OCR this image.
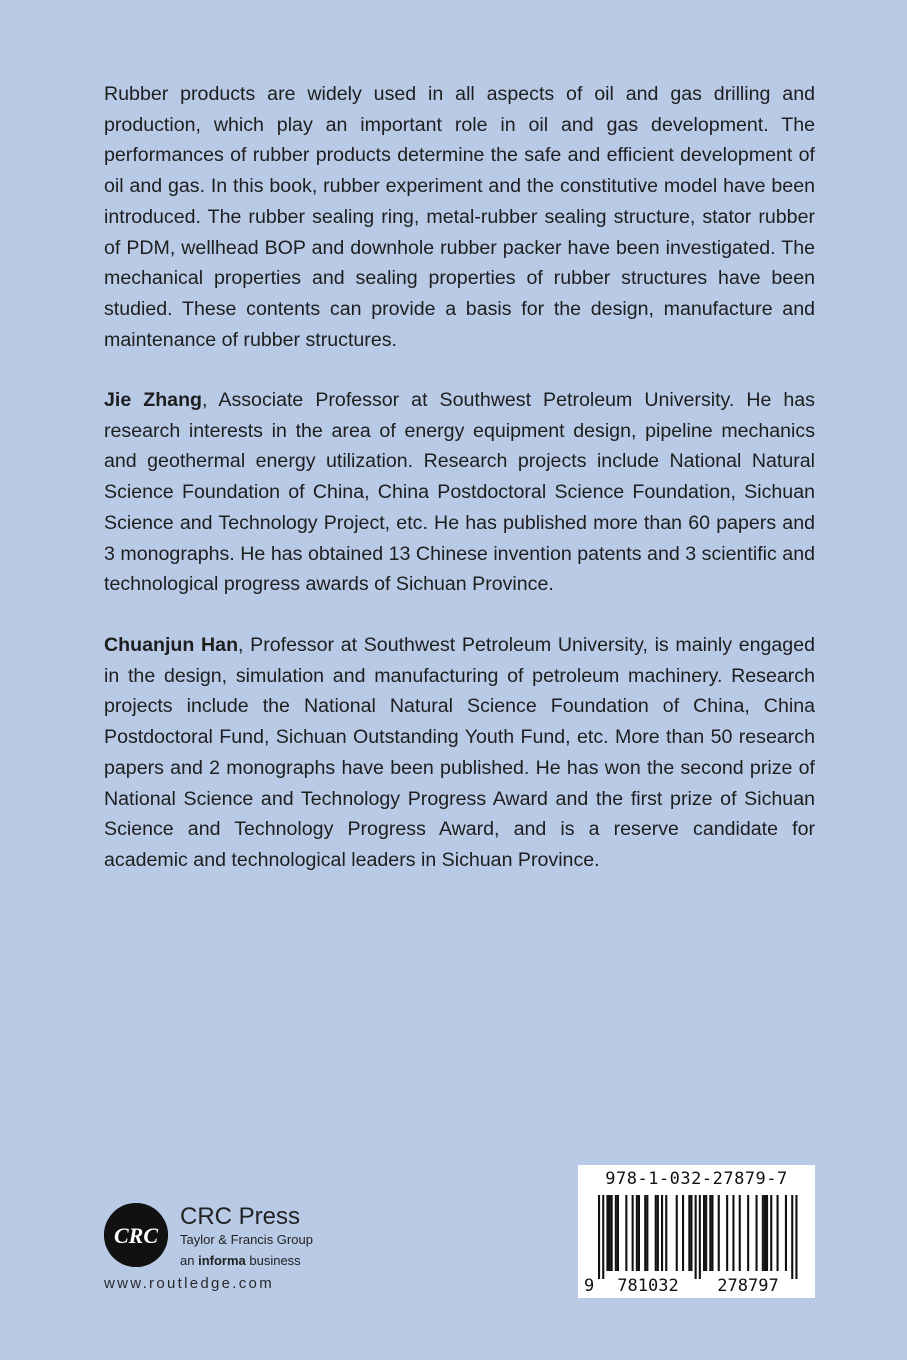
Rubber products are widely used in all aspects of oil and gas drilling and production, which play an important role in oil and gas development. The performances of rubber products determine the safe and efficient development of oil and gas. In this book, rubber experiment and the constitutive model have been introduced. The rubber sealing ring, metal-rubber sealing structure, stator rubber of PDM, wellhead BOP and downhole rubber packer have been investigated. The mechanical properties and sealing properties of rubber structures have been studied. These contents can provide a basis for the design, manufacture and maintenance of rubber structures.

Jie Zhang, Associate Professor at Southwest Petroleum University. He has research interests in the area of energy equipment design, pipeline mechanics and geothermal energy utilization. Research projects include National Natural Science Foundation of China, China Postdoctoral Science Foundation, Sichuan Science and Technology Project, etc. He has published more than 60 papers and 3 monographs. He has obtained 13 Chinese invention patents and 3 scientific and technological progress awards of Sichuan Province.

Chuanjun Han, Professor at Southwest Petroleum University, is mainly engaged in the design, simulation and manufacturing of petroleum machinery. Research projects include the National Natural Science Foundation of China, China Postdoctoral Fund, Sichuan Outstanding Youth Fund, etc. More than 50 research papers and 2 monographs have been published. He has won the second prize of National Science and Technology Progress Award and the first prize of Sichuan Science and Technology Progress Award, and is a reserve candidate for academic and technological leaders in Sichuan Province.

CRC
CRC Press
Taylor & Francis Group
an informa business
www.routledge.com
978-1-032-27879-7
9 781032 278797
